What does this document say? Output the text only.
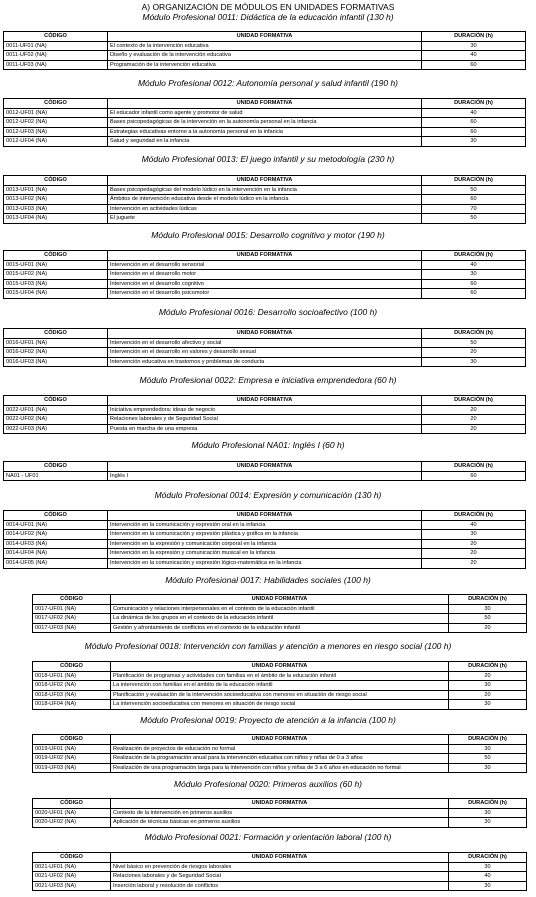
A) ORGANIZACIÓN DE MÓDULOS EN UNIDADES FORMATIVAS
Módulo Profesional 0011: Didáctica de la educación infantil (130 h)
CÓDIGO	UNIDAD FORMATIVA	DURACIÓN (h)
0011-UF01 (NA)	El contexto de la intervención educativa	30
0011-UF02 (NA)	Diseño y evaluación de la intervención educativa	40
0011-UF03 (NA)	Programación de la intervención educativa	60
Módulo Profesional 0012: Autonomía personal y salud infantil (190 h)
CÓDIGO	UNIDAD FORMATIVA	DURACIÓN (h)
0012-UF01 (NA)	El educador infantil como agente y promotor de salud	40
0012-UF02 (NA)	Bases psicopedagógicas de la intervención en la autonomía personal en la infancia	60
0012-UF03 (NA)	Estrategias educativas entorno a la autonomía personal en la infancia	60
0012-UF04 (NA)	Salud y seguridad en la infancia	30
Módulo Profesional 0013: El juego infantil y su metodología (230 h)
CÓDIGO	UNIDAD FORMATIVA	DURACIÓN (h)
0013-UF01 (NA)	Bases psicopedagógicas del modelo lúdico en la intervención en la infancia	50
0013-UF02 (NA)	Ámbitos de intervención educativa desde el modelo lúdico en la infancia	60
0013-UF03 (NA)	Intervención en actividades lúdicas	70
0013-UF04 (NA)	El juguete	50
Módulo Profesional 0015: Desarrollo cognitivo y motor (190 h)
CÓDIGO	UNIDAD FORMATIVA	DURACIÓN (h)
0015-UF01 (NA)	Intervención en el desarrollo sensorial	40
0015-UF02 (NA)	Intervención en el desarrollo motor	30
0015-UF03 (NA)	Intervención en el desarrollo cognitivo	60
0015-UF04 (NA)	Intervención en el desarrollo psicomotor	60
Módulo Profesional 0016: Desarrollo socioafectivo (100 h)
CÓDIGO	UNIDAD FORMATIVA	DURACIÓN (h)
0016-UF01 (NA)	Intervención en el desarrollo afectivo y social	50
0016-UF02 (NA)	Intervención en el desarrollo en valores y desarrollo sexual	20
0016-UF03 (NA)	Intervención educativa en trastornos y problemas de conducta	30
Módulo Profesional 0022: Empresa e iniciativa emprendedora (60 h)
CÓDIGO	UNIDAD FORMATIVA	DURACIÓN (h)
0022-UF01 (NA)	Iniciativa emprendedora: ideas de negocio	20
0022-UF02 (NA)	Relaciones laborales y de Seguridad Social	20
0022-UF03 (NA)	Puesta en marcha de una empresa	20
Módulo Profesional NA01: Inglés I (60 h)
CÓDIGO	UNIDAD FORMATIVA	DURACIÓN (h)
NA01 - UF01	Inglés I	60
Módulo Profesional 0014: Expresión y comunicación (130 h)
CÓDIGO	UNIDAD FORMATIVA	DURACIÓN (h)
0014-UF01 (NA)	Intervención en la comunicación y expresión oral en la infancia	40
0014-UF02 (NA)	Intervención en la comunicación y expresión plástica y gráfica en la infancia	30
0014-UF03 (NA)	Intervención en la expresión y comunicación corporal en la infancia	20
0014-UF04 (NA)	Intervención en la expresión y comunicación musical en la infancia	20
0014-UF05 (NA)	Intervención en la comunicación y expresión lógico-matemática en la infancia	20
Módulo Profesional 0017: Habilidades sociales (100 h)
CÓDIGO	UNIDAD FORMATIVA	DURACIÓN (h)
0017-UF01 (NA)	Comunicación y relaciones interpersonales en el contexto de la educación infantil	30
0017-UF02 (NA)	La dinámica de los grupos en el contexto de la educación infantil	50
0017-UF03 (NA)	Gestión y afrontamiento de conflictos en el contexto de la educación infantil	20
Módulo Profesional 0018: Intervención con familias y atención a menores en riesgo social (100 h)
CÓDIGO	UNIDAD FORMATIVA	DURACIÓN (h)
0018-UF01 (NA)	Planificación de programas y actividades con familias en el ámbito de la educación infantil	20
0018-UF02 (NA)	La intervención con familias en el ámbito de la educación infantil	30
0018-UF03 (NA)	Planificación y evaluación de la intervención socioeducativa con menores en situación de riesgo social	20
0018-UF04 (NA)	La intervención socioeducativa con menores en situación de riesgo social	30
Módulo Profesional 0019: Proyecto de atención a la infancia (100 h)
CÓDIGO	UNIDAD FORMATIVA	DURACIÓN (h)
0019-UF01 (NA)	Realización de proyectos de educación no formal	30
0019-UF02 (NA)	Realización de la programación anual para la intervención educativa con niños y niñas de 0 a 3 años	50
0019-UF03 (NA)	Realización de una programación larga para la intervención con niños y niñas de 3 a 6 años en educación no formal	30
Módulo Profesional 0020: Primeros auxilios (60 h)
CÓDIGO	UNIDAD FORMATIVA	DURACIÓN (h)
0020-UF01 (NA)	Contexto de la intervención en primeros auxilios	30
0020-UF02 (NA)	Aplicación de técnicas básicas en primeros auxilios	30
Módulo Profesional 0021: Formación y orientación laboral (100 h)
CÓDIGO	UNIDAD FORMATIVA	DURACIÓN (h)
0021-UF01 (NA)	Nivel básico en prevención de riesgos laborales	30
0021-UF02 (NA)	Relaciones laborales y de Seguridad Social	40
0021-UF03 (NA)	Inserción laboral y resolución de conflictos	30
